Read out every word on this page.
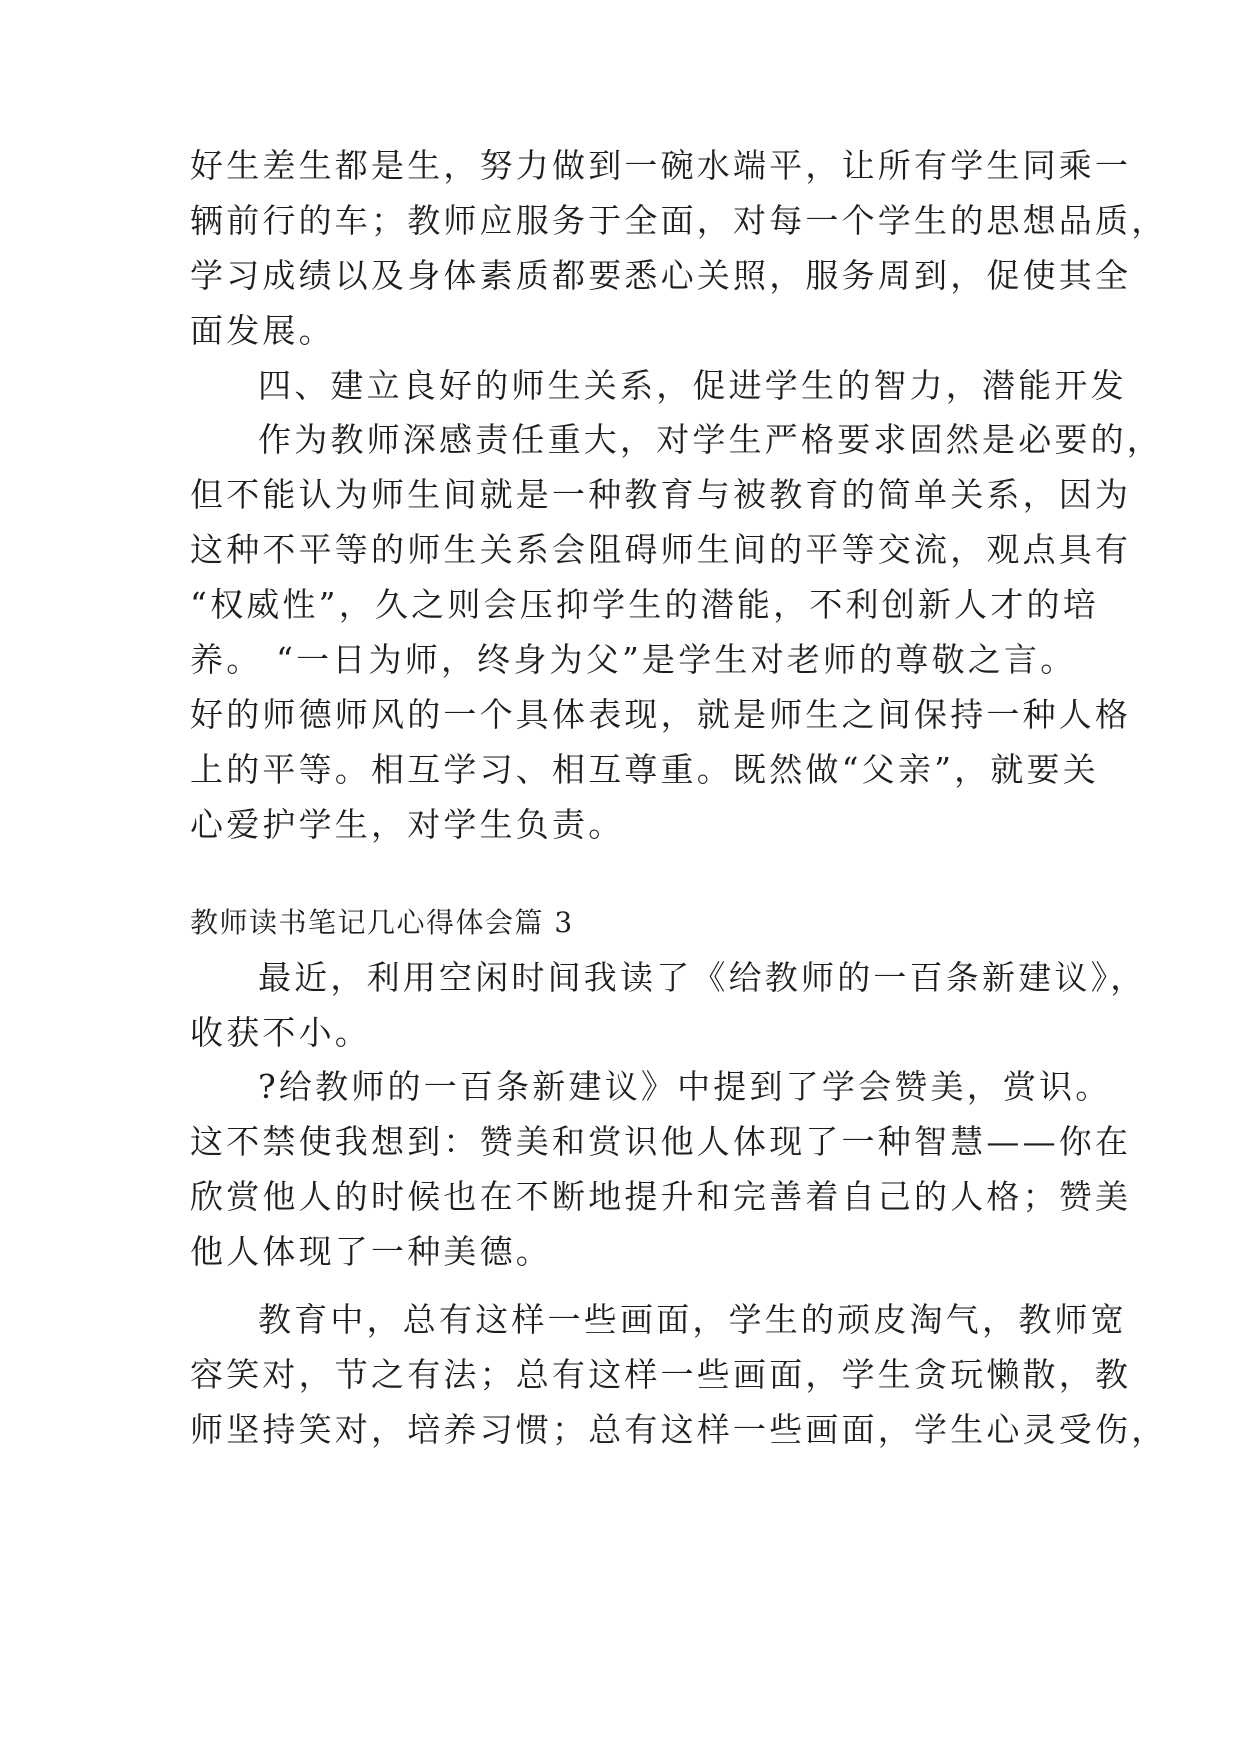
好生差生都是生，努力做到一碗水端平，让所有学生同乘一
辆前行的车；教师应服务于全面，对每一个学生的思想品质，
学习成绩以及身体素质都要悉心关照，服务周到，促使其全
面发展。
四、建立良好的师生关系，促进学生的智力，潜能开发
作为教师深感责任重大，对学生严格要求固然是必要的，
但不能认为师生间就是一种教育与被教育的简单关系，因为
这种不平等的师生关系会阻碍师生间的平等交流，观点具有
“权威性”，久之则会压抑学生的潜能，不利创新人才的培
养。 “一日为师，终身为父”是学生对老师的尊敬之言。
好的师德师风的一个具体表现，就是师生之间保持一种人格
上的平等。相互学习、相互尊重。既然做“父亲”，就要关
心爱护学生，对学生负责。
教师读书笔记几心得体会篇 3
最近，利用空闲时间我读了《给教师的一百条新建议》，
收获不小。
?给教师的一百条新建议》中提到了学会赞美，赏识。
这不禁使我想到：赞美和赏识他人体现了一种智慧——你在
欣赏他人的时候也在不断地提升和完善着自己的人格；赞美
他人体现了一种美德。
教育中，总有这样一些画面，学生的顽皮淘气，教师宽
容笑对，节之有法；总有这样一些画面，学生贪玩懒散，教
师坚持笑对，培养习惯；总有这样一些画面，学生心灵受伤，
